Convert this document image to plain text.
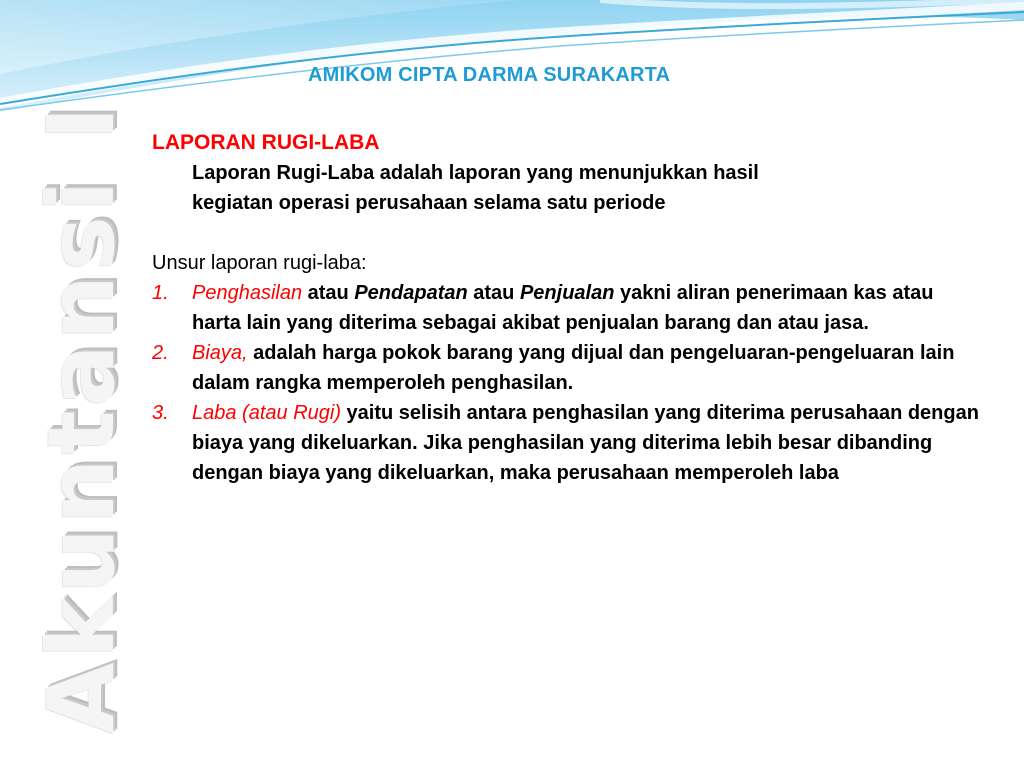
AMIKOM CIPTA DARMA SURAKARTA
Akuntansi I LAPORAN RUGI-LABA

Laporan Rugi-Laba adalah laporan yang menunjukkan hasil

kegiatan operasi perusahaan selama satu periode

Unsur laporan rugi-laba:

1. Penghasilan atau Pendapatan atau Penjualan yakni aliran penerimaan kas atau harta lain yang diterima sebagai akibat penjualan barang dan atau jasa.
2. Biaya, adalah harga pokok barang yang dijual dan pengeluaran-pengeluaran lain dalam rangka memperoleh penghasilan.
3. Laba (atau Rugi) yaitu selisih antara penghasilan yang diterima perusahaan dengan biaya yang dikeluarkan. Jika penghasilan yang diterima lebih besar dibanding dengan biaya yang dikeluarkan, maka perusahaan memperoleh laba
